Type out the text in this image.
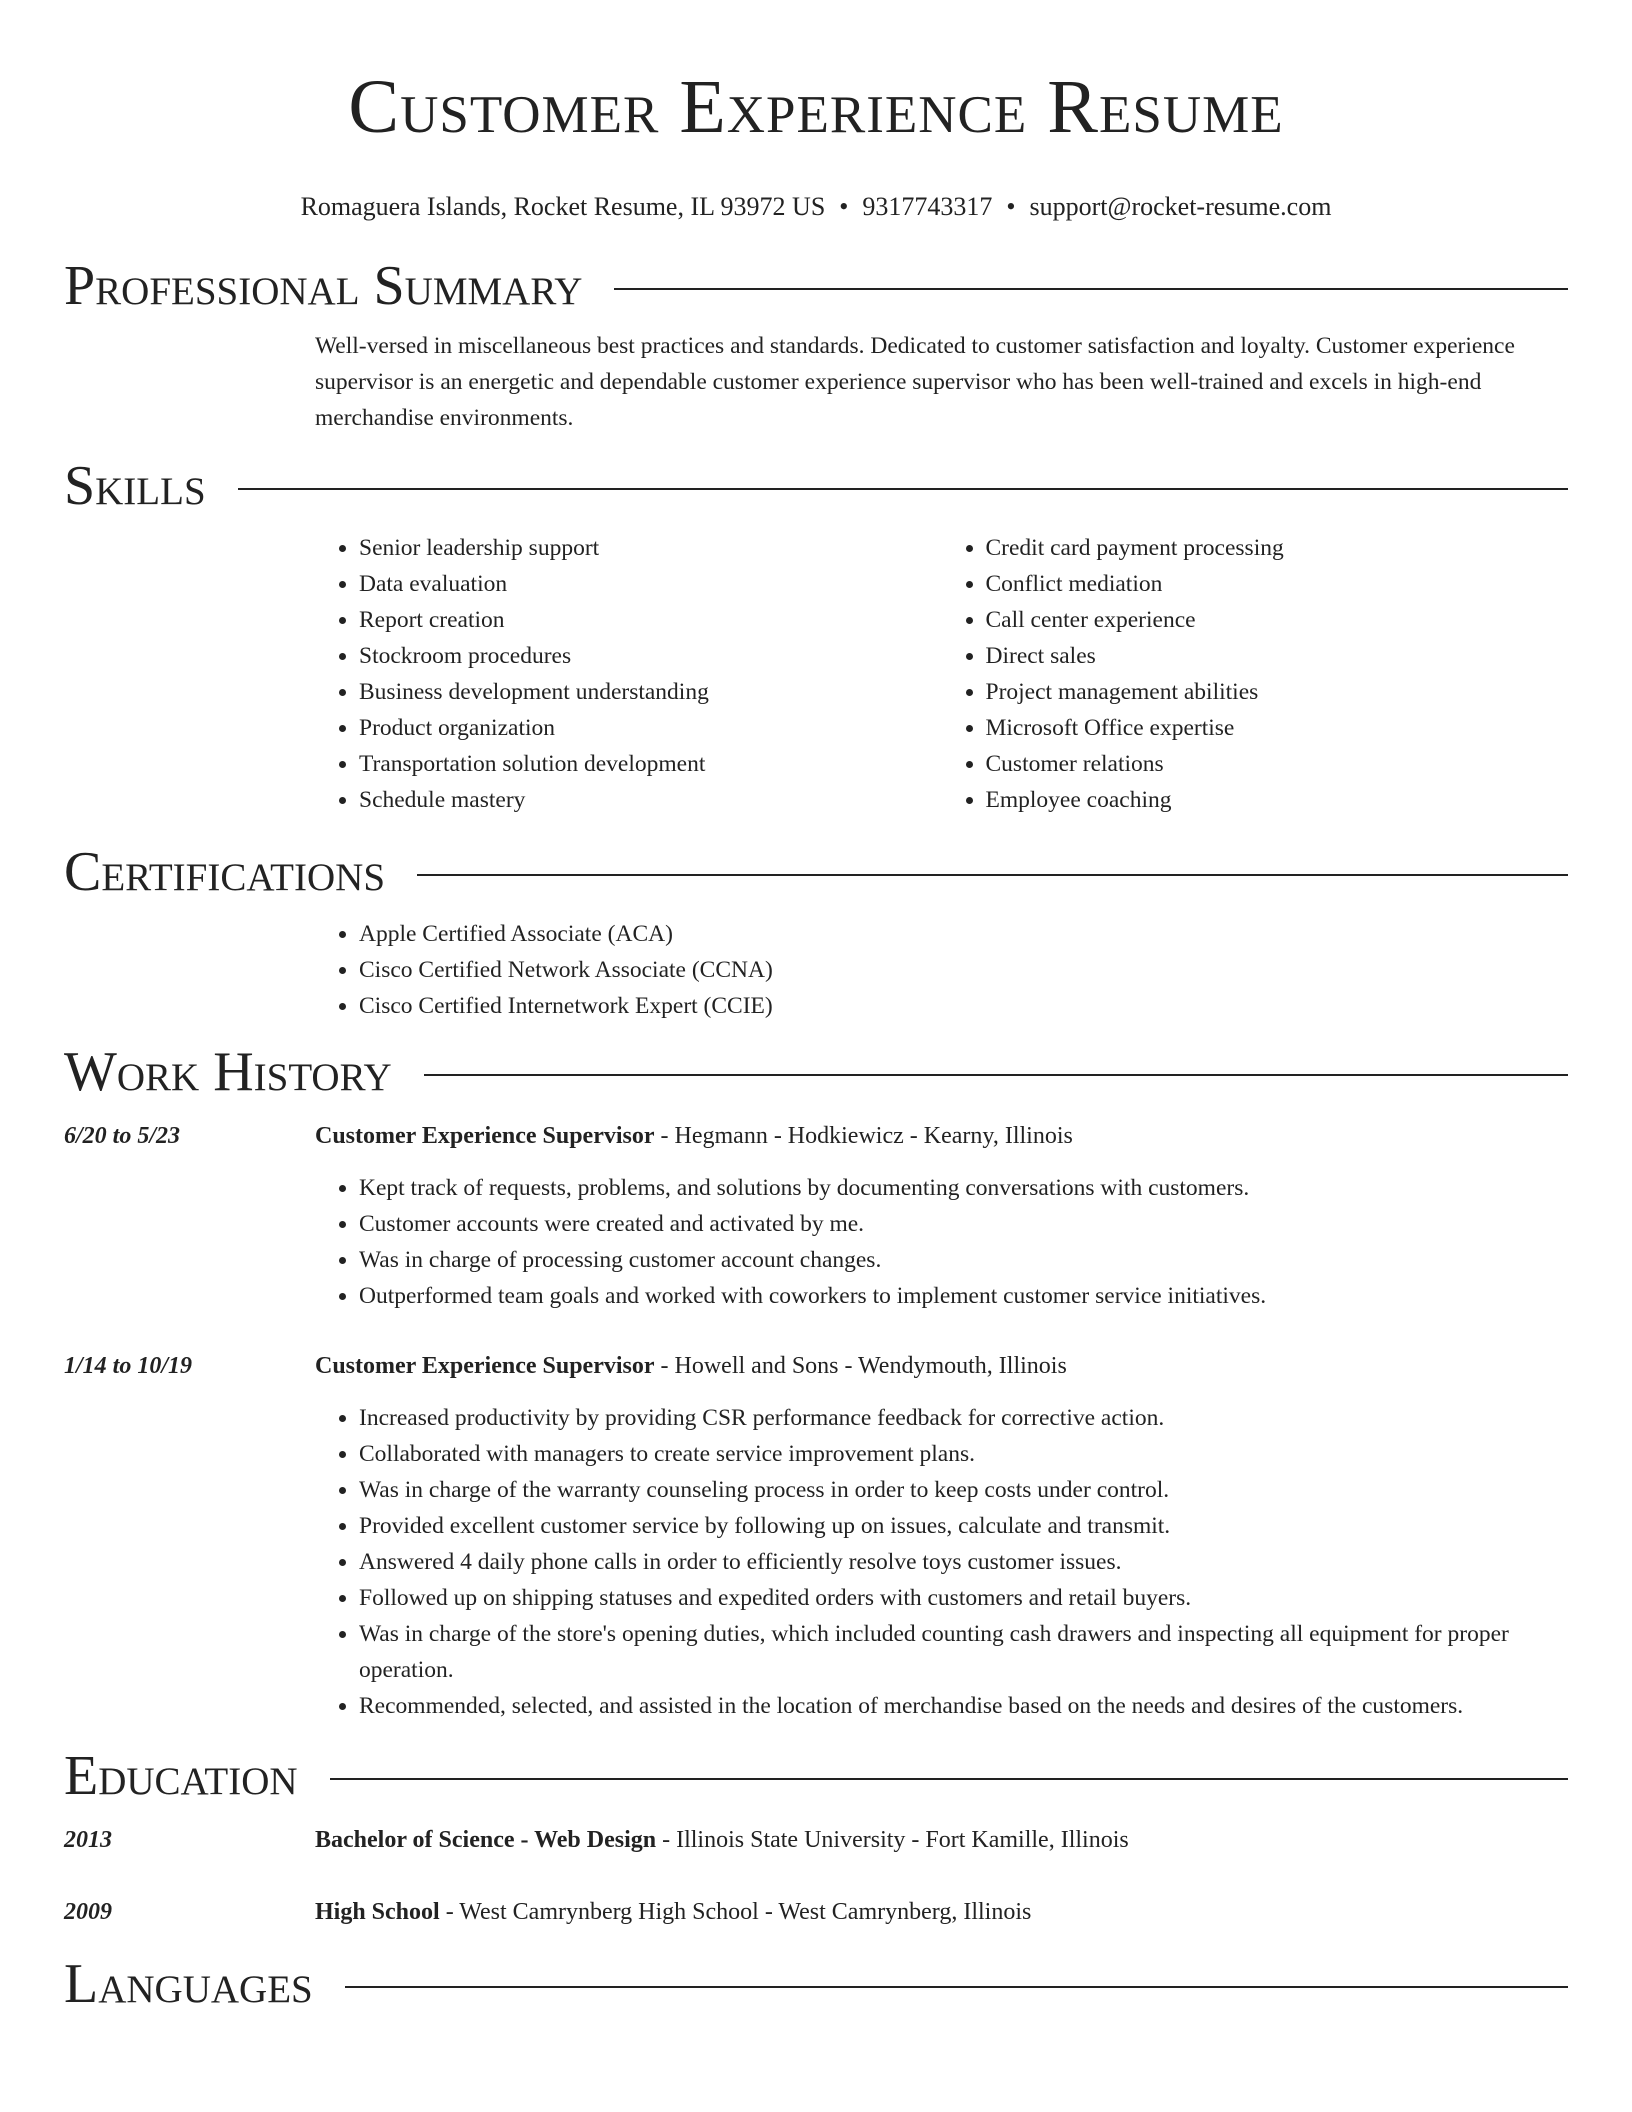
Customer Experience Resume
Romaguera Islands, Rocket Resume, IL 93972 US • 9317743317 • support@rocket-resume.com
Professional Summary
Well-versed in miscellaneous best practices and standards. Dedicated to customer satisfaction and loyalty. Customer experience supervisor is an energetic and dependable customer experience supervisor who has been well-trained and excels in high-end merchandise environments.
Skills
• Senior leadership support
• Data evaluation
• Report creation
• Stockroom procedures
• Business development understanding
• Product organization
• Transportation solution development
• Schedule mastery
• Credit card payment processing
• Conflict mediation
• Call center experience
• Direct sales
• Project management abilities
• Microsoft Office expertise
• Customer relations
• Employee coaching
Certifications
• Apple Certified Associate (ACA)
• Cisco Certified Network Associate (CCNA)
• Cisco Certified Internetwork Expert (CCIE)
Work History
6/20 to 5/23	Customer Experience Supervisor - Hegmann - Hodkiewicz - Kearny, Illinois
• Kept track of requests, problems, and solutions by documenting conversations with customers.
• Customer accounts were created and activated by me.
• Was in charge of processing customer account changes.
• Outperformed team goals and worked with coworkers to implement customer service initiatives.
1/14 to 10/19	Customer Experience Supervisor - Howell and Sons - Wendymouth, Illinois
• Increased productivity by providing CSR performance feedback for corrective action.
• Collaborated with managers to create service improvement plans.
• Was in charge of the warranty counseling process in order to keep costs under control.
• Provided excellent customer service by following up on issues, calculate and transmit.
• Answered 4 daily phone calls in order to efficiently resolve toys customer issues.
• Followed up on shipping statuses and expedited orders with customers and retail buyers.
• Was in charge of the store's opening duties, which included counting cash drawers and inspecting all equipment for proper operation.
• Recommended, selected, and assisted in the location of merchandise based on the needs and desires of the customers.
Education
2013	Bachelor of Science - Web Design - Illinois State University - Fort Kamille, Illinois
2009	High School - West Camrynberg High School - West Camrynberg, Illinois
Languages
